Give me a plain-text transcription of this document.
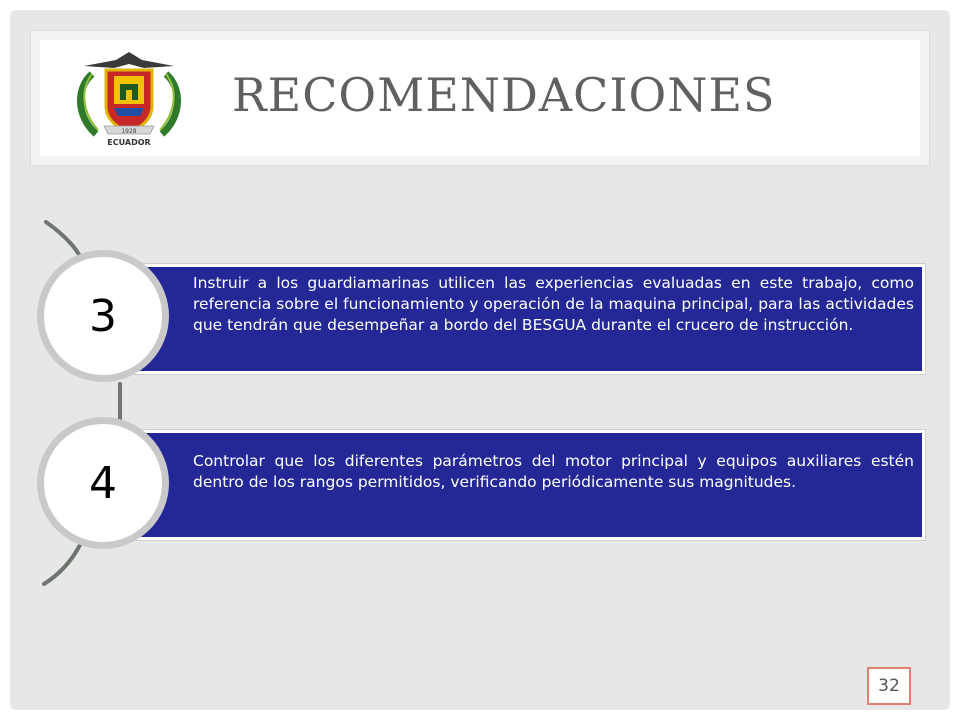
1928
ECUADOR
RECOMENDACIONES
Instruir a los guardiamarinas utilicen las experiencias evaluadas en este trabajo, como referencia sobre el funcionamiento y operación de la maquina principal, para las actividades que tendrán que desempeñar a bordo del BESGUA durante el crucero de instrucción.
3
Controlar que los diferentes parámetros del motor principal y equipos auxiliares estén dentro de los rangos permitidos, verificando periódicamente sus magnitudes.
4
32
